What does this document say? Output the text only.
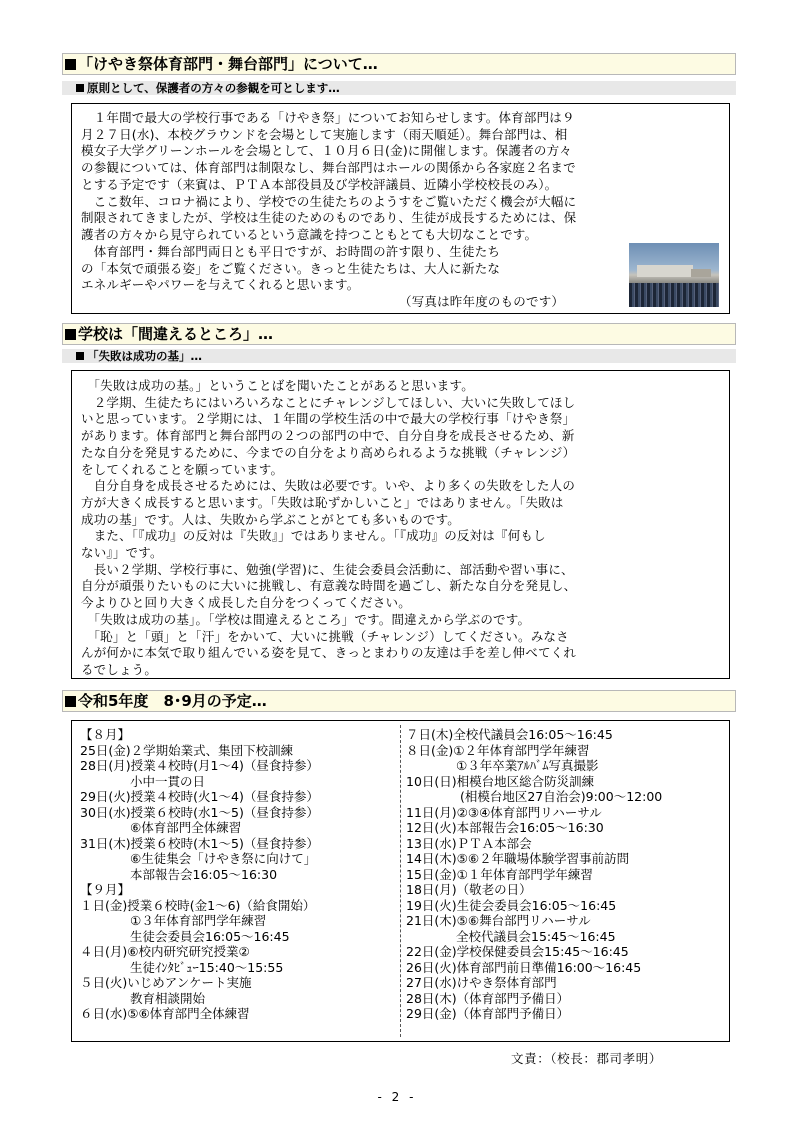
「けやき祭体育部門・舞台部門」について…
原則として、保護者の方々の参観を可とします…
　１年間で最大の学校行事である「けやき祭」についてお知らせします。体育部門は９
月２７日(水)、本校グラウンドを会場として実施します（雨天順延）。舞台部門は、相
模女子大学グリーンホールを会場として、１０月６日(金)に開催します。保護者の方々
の参観については、体育部門は制限なし、舞台部門はホールの関係から各家庭２名まで
とする予定です（来賓は、ＰＴＡ本部役員及び学校評議員、近隣小学校校長のみ）。
　ここ数年、コロナ禍により、学校での生徒たちのようすをご覧いただく機会が大幅に
制限されてきましたが、学校は生徒のためのものであり、生徒が成長するためには、保
護者の方々から見守られているという意識を持つこともとても大切なことです。
　体育部門・舞台部門両日とも平日ですが、お時間の許す限り、生徒たち
の「本気で頑張る姿」をご覧ください。きっと生徒たちは、大人に新たな
エネルギーやパワーを与えてくれると思います。
（写真は昨年度のものです）
学校は「間違えるところ」…
「失敗は成功の基」…
　「失敗は成功の基。」ということばを聞いたことがあると思います。
　２学期、生徒たちにはいろいろなことにチャレンジしてほしい、大いに失敗してほし
いと思っています。２学期には、１年間の学校生活の中で最大の学校行事「けやき祭」
があります。体育部門と舞台部門の２つの部門の中で、自分自身を成長させるため、新
たな自分を発見するために、今までの自分をより高められるような挑戦（チャレンジ）
をしてくれることを願っています。
　自分自身を成長させるためには、失敗は必要です。いや、より多くの失敗をした人の
方が大きく成長すると思います。「失敗は恥ずかしいこと」ではありません。「失敗は
成功の基」です。人は、失敗から学ぶことがとても多いものです。
　また、「『成功』の反対は『失敗』」ではありません。「『成功』の反対は『何もし
ない』」です。
　長い２学期、学校行事に、勉強(学習)に、生徒会委員会活動に、部活動や習い事に、
自分が頑張りたいものに大いに挑戦し、有意義な時間を過ごし、新たな自分を発見し、
今よりひと回り大きく成長した自分をつくってください。
　「失敗は成功の基」。「学校は間違えるところ」です。間違えから学ぶのです。
　「恥」と「頭」と「汗」をかいて、大いに挑戦（チャレンジ）してください。みなさ
んが何かに本気で取り組んでいる姿を見て、きっとまわりの友達は手を差し伸べてくれ
るでしょう。
令和5年度　8･9月の予定…
【８月】
25日(金)２学期始業式、集団下校訓練
28日(月)授業４校時(月1～4)（昼食持参）
　　　　小中一貫の日
29日(火)授業４校時(火1～4)（昼食持参）
30日(水)授業６校時(水1～5)（昼食持参）
　　　　⑥体育部門全体練習
31日(木)授業６校時(木1～5)（昼食持参）
　　　　⑥生徒集会「けやき祭に向けて」
　　　　本部報告会16:05～16:30
【９月】
１日(金)授業６校時(金1～6)（給食開始）
　　　　①３年体育部門学年練習
　　　　生徒会委員会16:05～16:45
４日(月)⑥校内研究研究授業②
　　　　生徒ｲﾝﾀﾋﾞｭｰ15:40～15:55
５日(火)いじめアンケート実施
　　　　教育相談開始
６日(水)⑤⑥体育部門全体練習
７日(木)全校代議員会16:05～16:45
８日(金)①２年体育部門学年練習
　　　　①３年卒業ｱﾙﾊﾞﾑ写真撮影
10日(日)相模台地区総合防災訓練
　　　　 (相模台地区27自治会)9:00～12:00
11日(月)②③④体育部門リハーサル
12日(火)本部報告会16:05～16:30
13日(水)ＰＴＡ本部会
14日(木)⑤⑥２年職場体験学習事前訪問
15日(金)①１年体育部門学年練習
18日(月)（敬老の日）
19日(火)生徒会委員会16:05～16:45
21日(木)⑤⑥舞台部門リハーサル
　　　　全校代議員会15:45～16:45
22日(金)学校保健委員会15:45～16:45
26日(火)体育部門前日準備16:00～16:45
27日(水)けやき祭体育部門
28日(木)（体育部門予備日）
29日(金)（体育部門予備日）
文責：（校長：郡司孝明）
- 2 -
